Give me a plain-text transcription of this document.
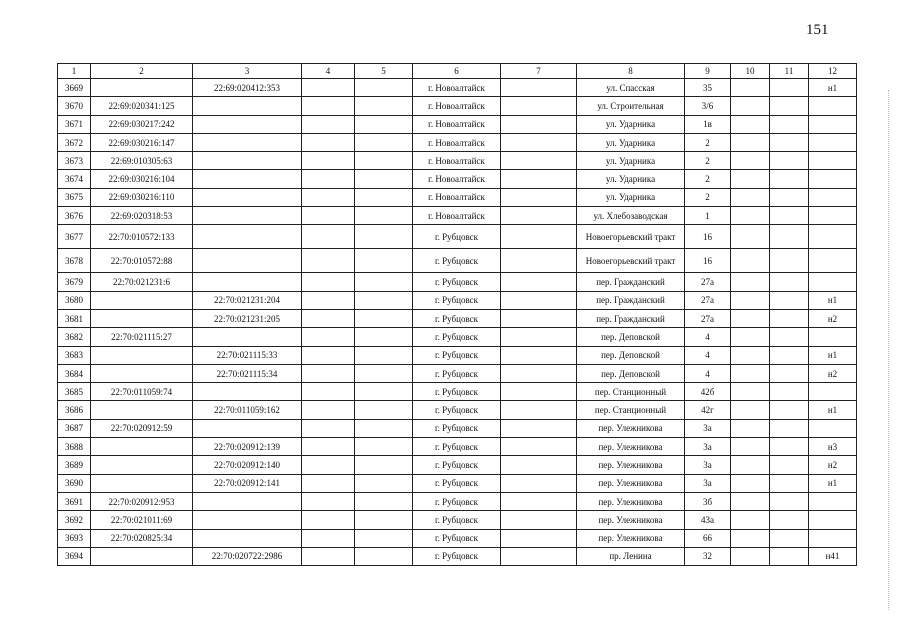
151
1	2	3	4	5	6	7	8	9	10	11	12
3669		22:69:020412:353			г. Новоалтайск		ул. Спасская	35			н1
3670	22:69:020341:125				г. Новоалтайск		ул. Строительная	3/6			
3671	22:69:030217:242				г. Новоалтайск		ул. Ударника	1в			
3672	22:69:030216:147				г. Новоалтайск		ул. Ударника	2			
3673	22:69:010305:63				г. Новоалтайск		ул. Ударника	2			
3674	22:69:030216:104				г. Новоалтайск		ул. Ударника	2			
3675	22:69:030216:110				г. Новоалтайск		ул. Ударника	2			
3676	22:69:020318:53				г. Новоалтайск		ул. Хлебозаводская	1			
3677	22:70:010572:133				г. Рубцовск		Новоегорьевский тракт	16			
3678	22:70:010572:88				г. Рубцовск		Новоегорьевский тракт	16			
3679	22:70:021231:6				г. Рубцовск		пер. Гражданский	27а			
3680		22:70:021231:204			г. Рубцовск		пер. Гражданский	27а			н1
3681		22:70:021231:205			г. Рубцовск		пер. Гражданский	27а			н2
3682	22:70:021115:27				г. Рубцовск		пер. Деповской	4			
3683		22:70:021115:33			г. Рубцовск		пер. Деповской	4			н1
3684		22:70:021115:34			г. Рубцовск		пер. Деповской	4			н2
3685	22:70:011059:74				г. Рубцовск		пер. Станционный	42б			
3686		22:70:011059:162			г. Рубцовск		пер. Станционный	42г			н1
3687	22:70:020912:59				г. Рубцовск		пер. Улежникова	3а			
3688		22:70:020912:139			г. Рубцовск		пер. Улежникова	3а			н3
3689		22:70:020912:140			г. Рубцовск		пер. Улежникова	3а			н2
3690		22:70:020912:141			г. Рубцовск		пер. Улежникова	3а			н1
3691	22:70:020912:953				г. Рубцовск		пер. Улежникова	3б			
3692	22:70:021011:69				г. Рубцовск		пер. Улежникова	43а			
3693	22:70:020825:34				г. Рубцовск		пер. Улежникова	66			
3694		22:70:020722:2986			г. Рубцовск		пр. Ленина	32			н41
